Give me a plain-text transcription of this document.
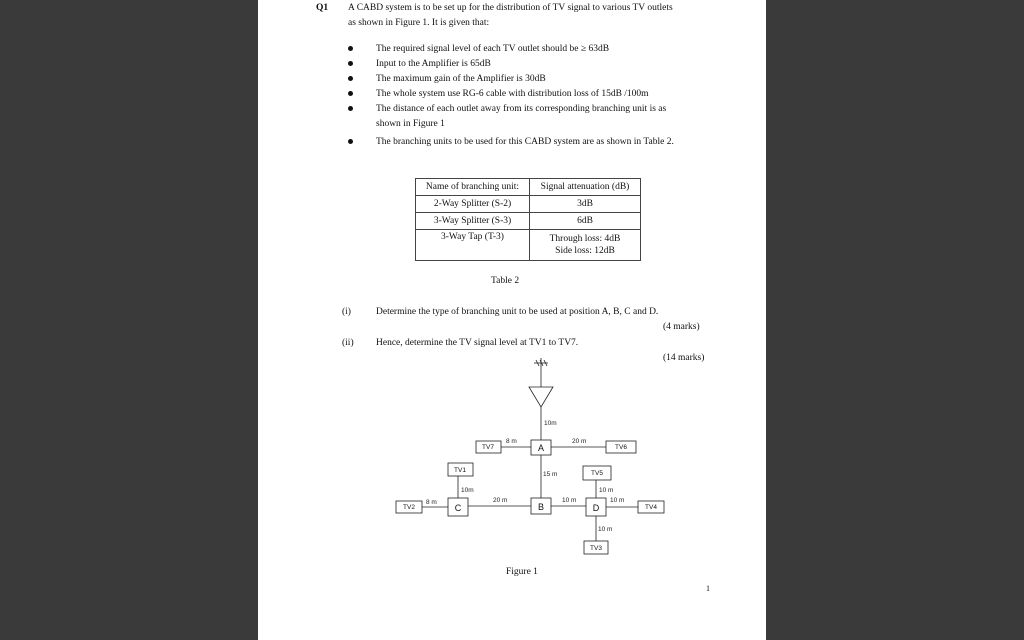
Q1 A CABD system is to be set up for the distribution of TV signal to various TV outlets
as shown in Figure 1. It is given that:
The required signal level of each TV outlet should be ≥ 63dB
Input to the Amplifier is 65dB
The maximum gain of the Amplifier is 30dB
The whole system use RG-6 cable with distribution loss of 15dB /100m
The distance of each outlet away from its corresponding branching unit is as
shown in Figure 1
The branching units to be used for this CABD system are as shown in Table 2.
Name of branching unit:	Signal attenuation (dB)
2-Way Splitter (S-2)	3dB
3-Way Splitter (S-3)	6dB
3-Way Tap (T-3)	Through loss: 4dB
Side loss: 12dB
Table 2
(i)	Determine the type of branching unit to be used at position A, B, C and D.
(4 marks)
(ii) Hence, determine the TV signal level at TV1 to TV7.
(14 marks)
10m
8 m	20 m
15 m
10m
8 m	20 m	10 m
10 m
10 m
10 m
A
B
C	D
TV7	TV6
TV1
TV2
TV5
TV4
TV3
Figure 1
1
